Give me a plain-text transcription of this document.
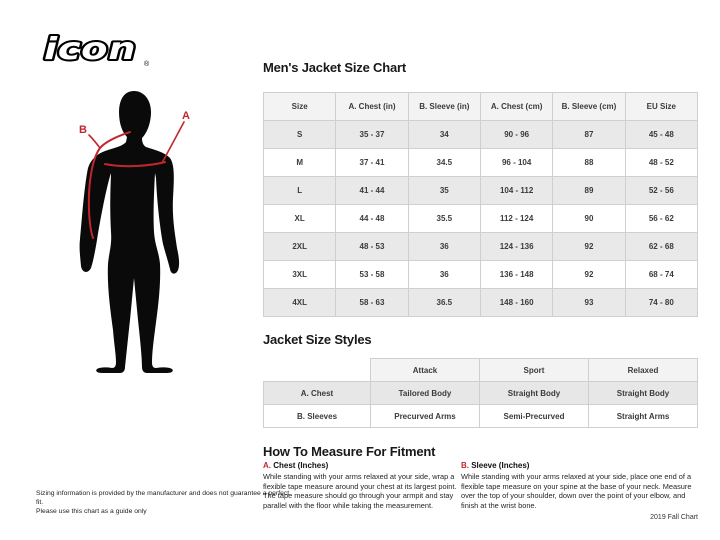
icon ®
A
B
Men's Jacket Size Chart
Size	A. Chest (in)	B. Sleeve (in)	A. Chest (cm)	B. Sleeve (cm)	EU Size
S	35 - 37	34	90 - 96	87	45 - 48
M	37 - 41	34.5	96 - 104	88	48 - 52
L	41 - 44	35	104 - 112	89	52 - 56
XL	44 - 48	35.5	112 - 124	90	56 - 62
2XL	48 - 53	36	124 - 136	92	62 - 68
3XL	53 - 58	36	136 - 148	92	68 - 74
4XL	58 - 63	36.5	148 - 160	93	74 - 80
Jacket Size Styles
	Attack	Sport	Relaxed
A. Chest	Tailored Body	Straight Body	Straight Body
B. Sleeves	Precurved Arms	Semi-Precurved	Straight Arms
How To Measure For Fitment
A. Chest (Inches)
While standing with your arms relaxed at your side, wrap a flexible tape measure around your chest at its largest point. The tape measure should go through your armpit and stay parallel with the floor while taking the measurement.
B. Sleeve (Inches)
While standing with your arms relaxed at your side, place one end of a flexible tape measure on your spine at the base of your neck. Measure over the top of your shoulder, down over the point of your elbow, and finish at the wrist bone.
Sizing information is provided by the manufacturer and does not guarantee a perfect fit.
Please use this chart as a guide only
2019 Fall Chart
